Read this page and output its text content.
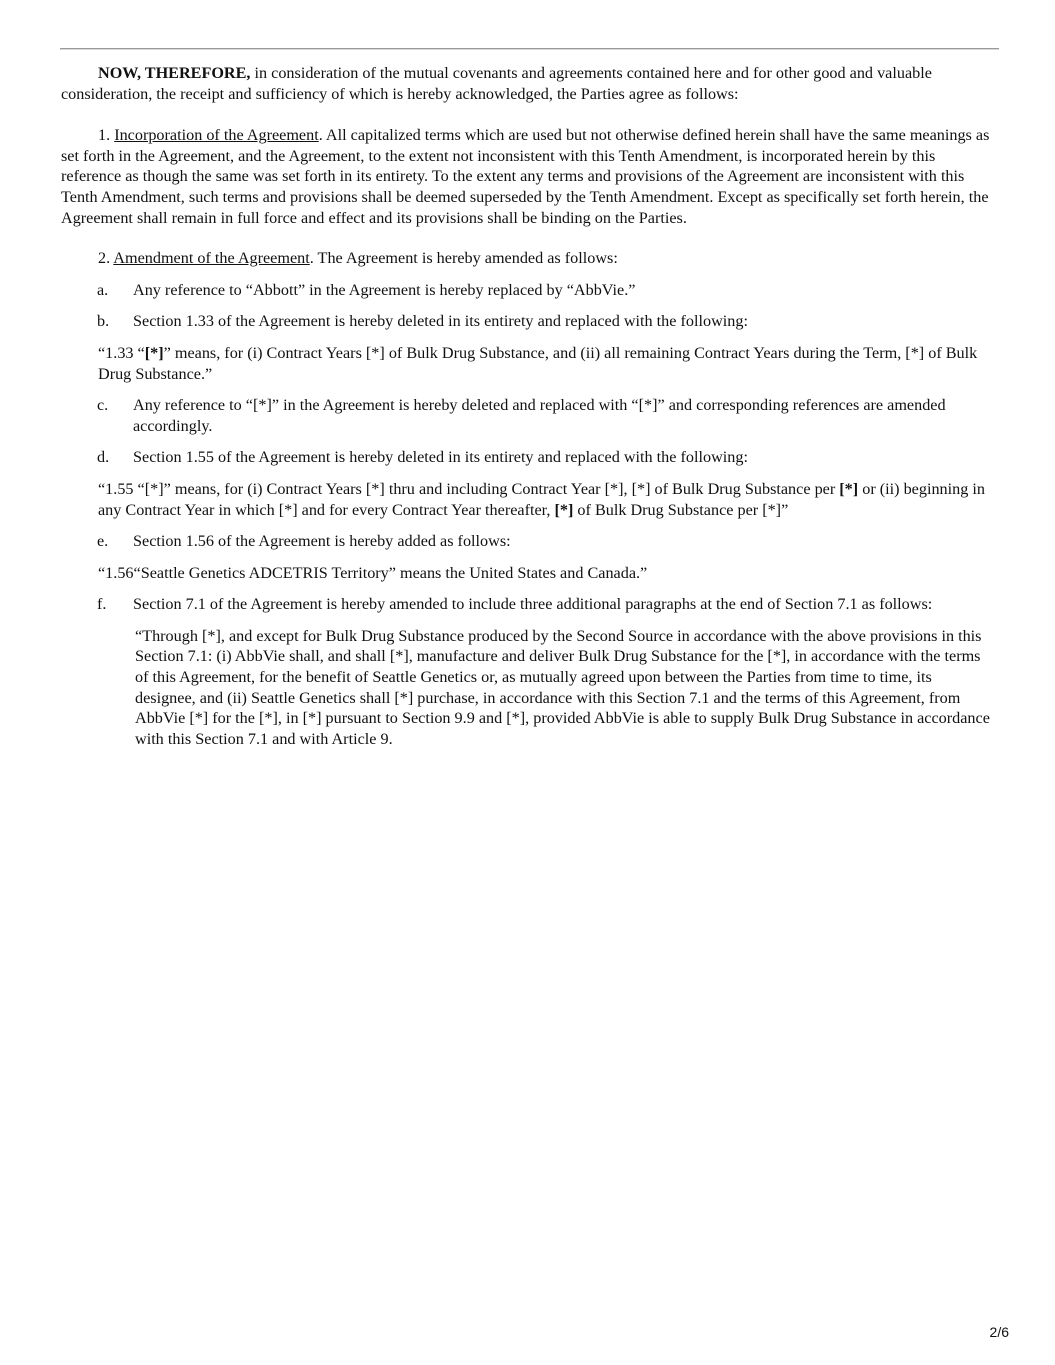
NOW, THEREFORE, in consideration of the mutual covenants and agreements contained here and for other good and valuable consideration, the receipt and sufficiency of which is hereby acknowledged, the Parties agree as follows:

1. Incorporation of the Agreement. All capitalized terms which are used but not otherwise defined herein shall have the same meanings as set forth in the Agreement, and the Agreement, to the extent not inconsistent with this Tenth Amendment, is incorporated herein by this reference as though the same was set forth in its entirety. To the extent any terms and provisions of the Agreement are inconsistent with this Tenth Amendment, such terms and provisions shall be deemed superseded by the Tenth Amendment. Except as specifically set forth herein, the Agreement shall remain in full force and effect and its provisions shall be binding on the Parties.

2. Amendment of the Agreement. The Agreement is hereby amended as follows:

a. Any reference to “Abbott” in the Agreement is hereby replaced by “AbbVie.”

b. Section 1.33 of the Agreement is hereby deleted in its entirety and replaced with the following:

“1.33 “[*]” means, for (i) Contract Years [*] of Bulk Drug Substance, and (ii) all remaining Contract Years during the Term, [*] of Bulk Drug Substance.”

c. Any reference to “[*]” in the Agreement is hereby deleted and replaced with “[*]” and corresponding references are amended accordingly.

d. Section 1.55 of the Agreement is hereby deleted in its entirety and replaced with the following:

“1.55 “[*]” means, for (i) Contract Years [*] thru and including Contract Year [*], [*] of Bulk Drug Substance per [*] or (ii) beginning in any Contract Year in which [*] and for every Contract Year thereafter, [*] of Bulk Drug Substance per [*]”

e. Section 1.56 of the Agreement is hereby added as follows:

“1.56“Seattle Genetics ADCETRIS Territory” means the United States and Canada.”

f. Section 7.1 of the Agreement is hereby amended to include three additional paragraphs at the end of Section 7.1 as follows:

“Through [*], and except for Bulk Drug Substance produced by the Second Source in accordance with the above provisions in this Section 7.1: (i) AbbVie shall, and shall [*], manufacture and deliver Bulk Drug Substance for the [*], in accordance with the terms of this Agreement, for the benefit of Seattle Genetics or, as mutually agreed upon between the Parties from time to time, its designee, and (ii) Seattle Genetics shall [*] purchase, in accordance with this Section 7.1 and the terms of this Agreement, from AbbVie [*] for the [*], in [*] pursuant to Section 9.9 and [*], provided AbbVie is able to supply Bulk Drug Substance in accordance with this Section 7.1 and with Article 9.

2/6
